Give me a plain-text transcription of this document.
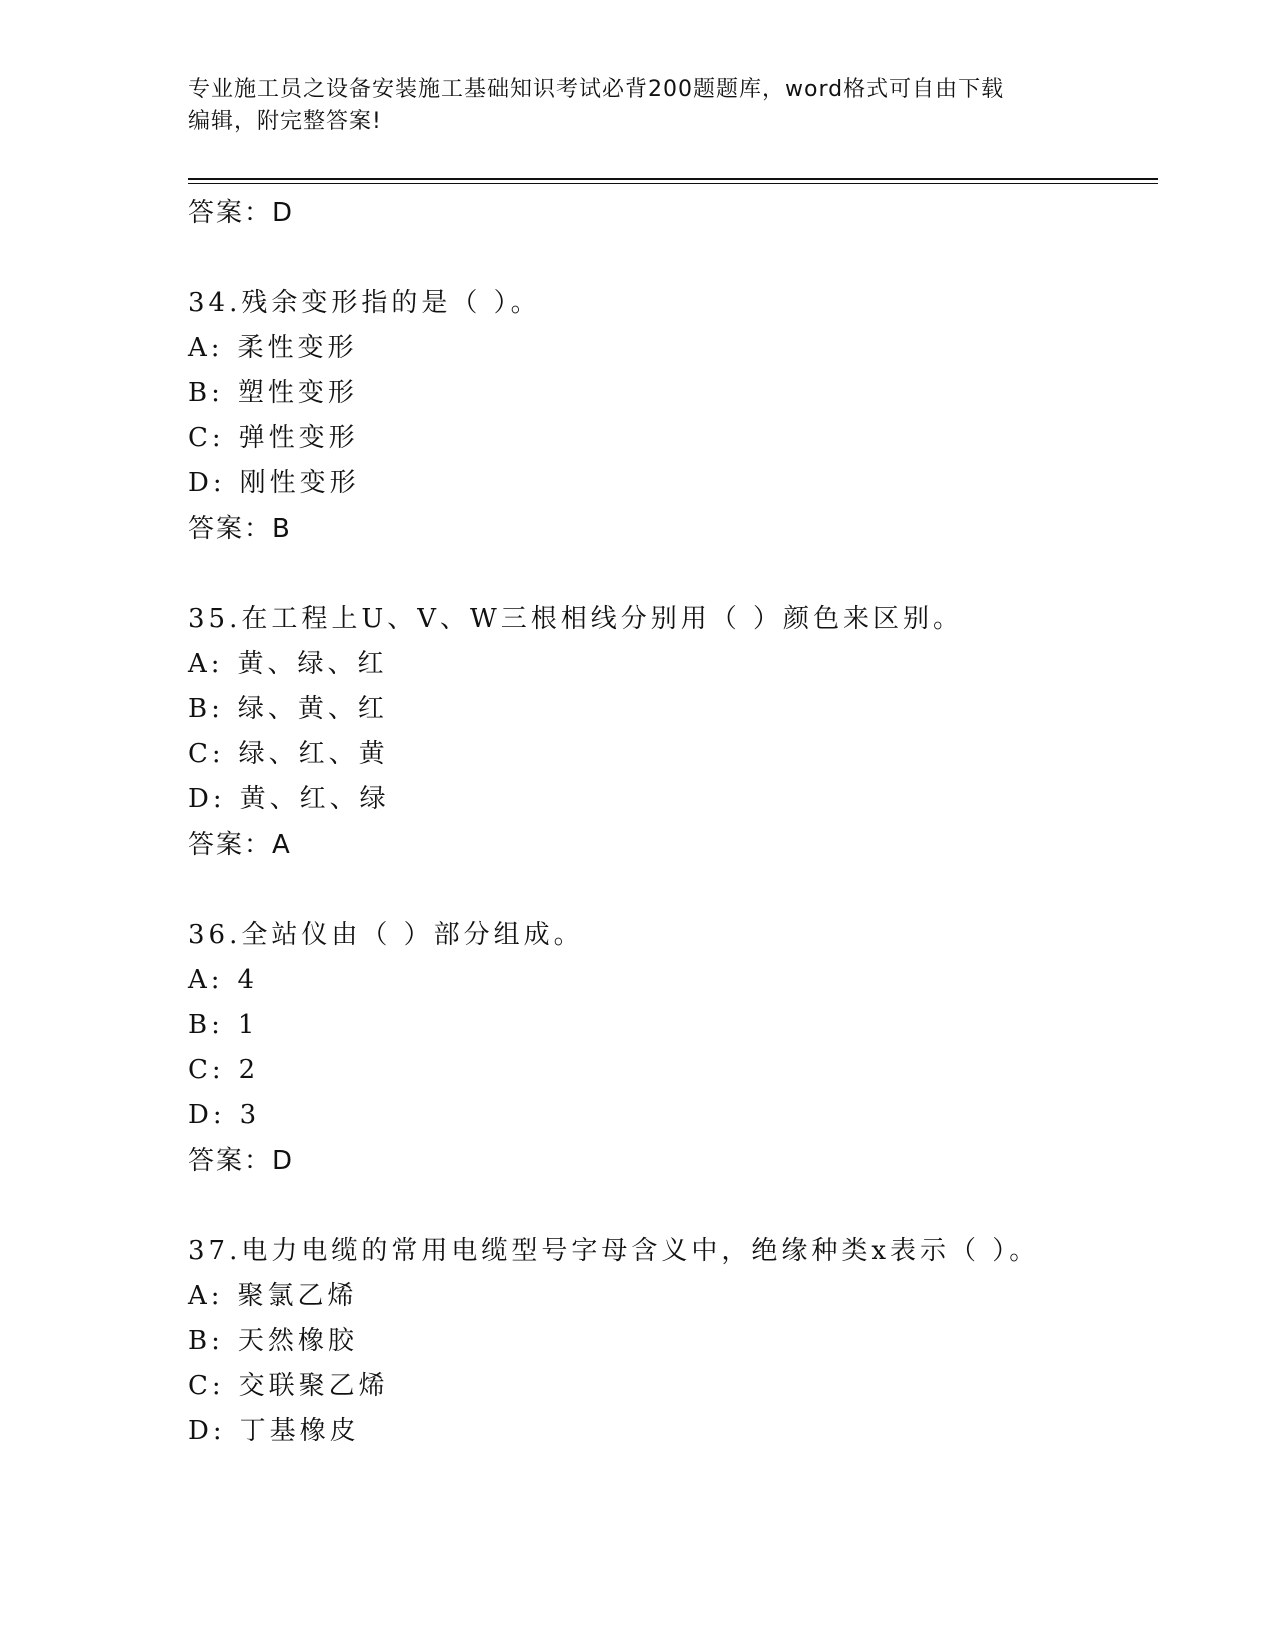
专业施工员之设备安装施工基础知识考试必背200题题库，word格式可自由下载
编辑，附完整答案!
答案：D
34.残余变形指的是（ ）。
A: 柔性变形
B: 塑性变形
C: 弹性变形
D: 刚性变形
答案：B
35.在工程上U、V、W三根相线分别用（ ）颜色来区别。
A: 黄、绿、红
B: 绿、黄、红
C: 绿、红、黄
D: 黄、红、绿
答案：A
36.全站仪由（ ）部分组成。
A: 4
B: 1
C: 2
D: 3
答案：D
37.电力电缆的常用电缆型号字母含义中，绝缘种类x表示（ ）。
A: 聚氯乙烯
B: 天然橡胶
C: 交联聚乙烯
D: 丁基橡皮
